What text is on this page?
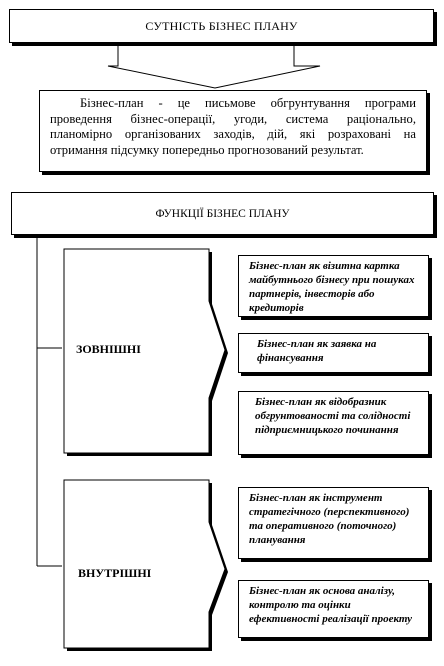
СУТНІСТЬ БІЗНЕС ПЛАНУ
Бізнес-план - це письмове обгрунтування програми проведення бізнес-операції, угоди, система раціонально, планомірно організованих заходів, дій, які розраховані на отримання підсумку попередньо прогнозований результат.
ФУНКЦІЇ БІЗНЕС ПЛАНУ
ЗОВНІШНІ
ВНУТРІШНІ
Бізнес-план як візитна картка майбутнього бізнесу при пошуках партнерів, інвесторів або кредиторів
Бізнес-план як заявка на фінансування
Бізнес-план як відобразник обгрунтованості та солідності підприємницького починання
Бізнес-план як інструмент стратегічного (перспективного) та оперативного (поточного) планування
Бізнес-план як основа аналізу, контролю та оцінки ефективності реалізації проекту
